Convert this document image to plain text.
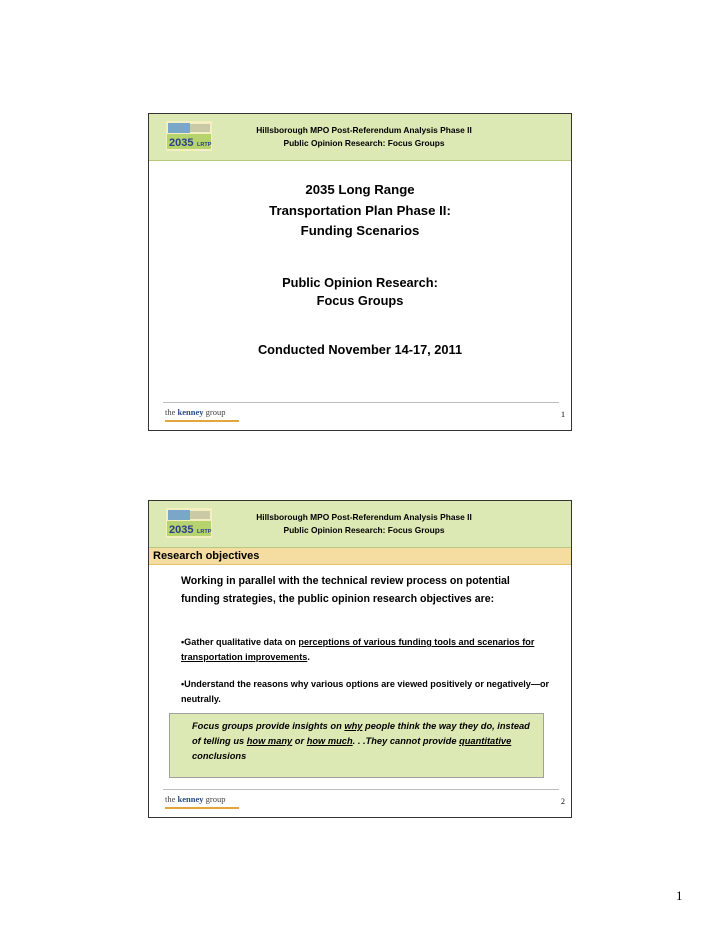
2035 LRTP
Hillsborough MPO Post-Referendum Analysis Phase II
Public Opinion Research: Focus Groups
2035 Long Range
Transportation Plan Phase II:
Funding Scenarios
Public Opinion Research:
Focus Groups
Conducted November 14-17, 2011
the kenney group	1
2035 LRTP
Hillsborough MPO Post-Referendum Analysis Phase II
Public Opinion Research: Focus Groups
Research objectives
Working in parallel with the technical review process on potential funding strategies, the public opinion research objectives are:
•Gather qualitative data on perceptions of various funding tools and scenarios for transportation improvements.
•Understand the reasons why various options are viewed positively or negatively—or neutrally.
Focus groups provide insights on why people think the way they do, instead of telling us how many or how much. . .They cannot provide quantitative conclusions
the kenney group	2
1
